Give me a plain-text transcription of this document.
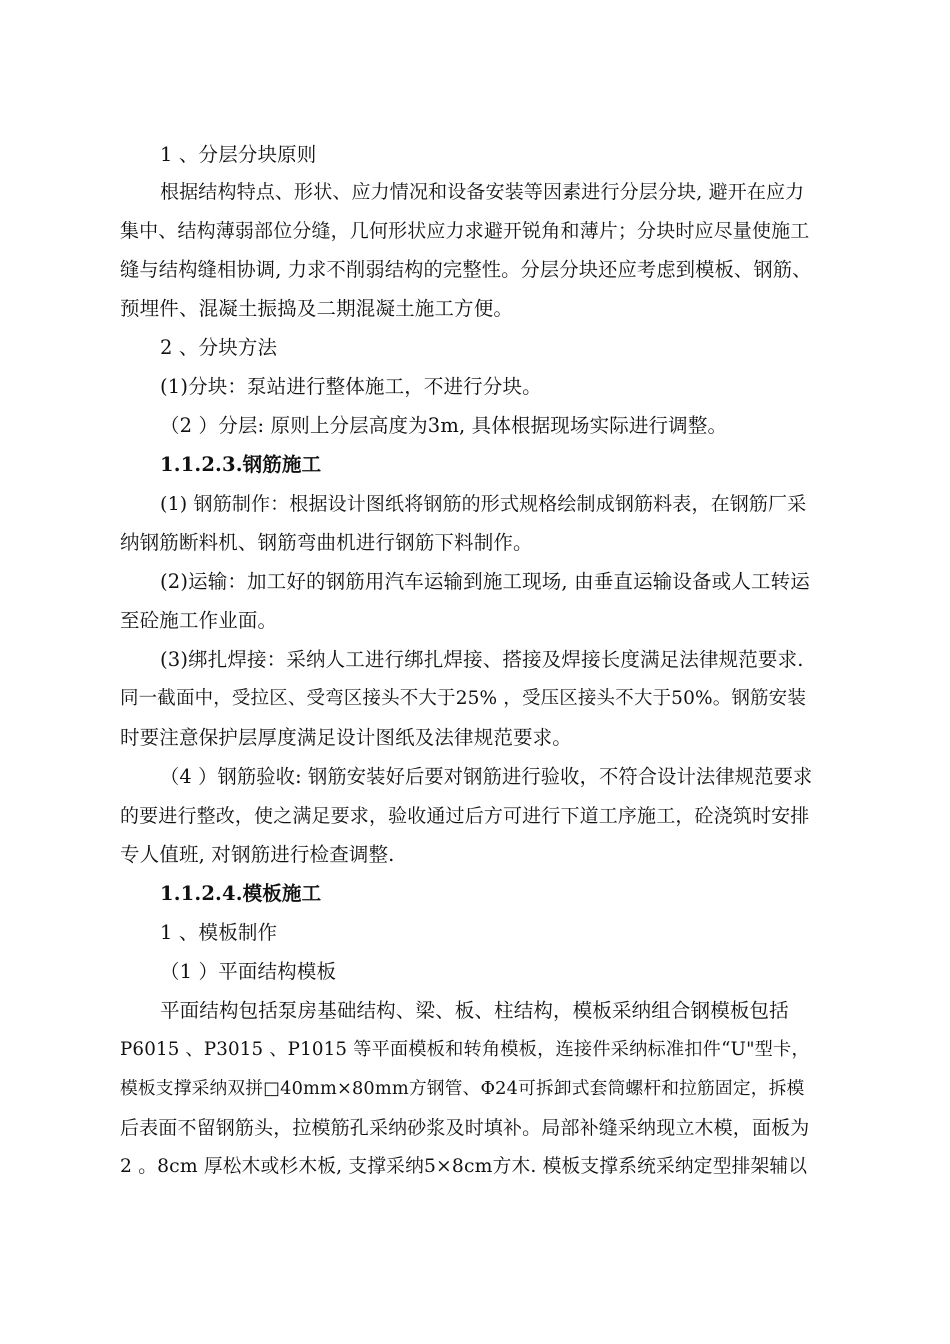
1 、分层分块原则

根据结构特点、形状、应力情况和设备安装等因素进行分层分块, 避开在应力

集中、结构薄弱部位分缝，几何形状应力求避开锐角和薄片；分块时应尽量使施工

缝与结构缝相协调, 力求不削弱结构的完整性。分层分块还应考虑到模板、钢筋、

预埋件、混凝土振捣及二期混凝土施工方便。

2 、分块方法

(1)分块：泵站进行整体施工，不进行分块。

（2 ）分层: 原则上分层高度为3m, 具体根据现场实际进行调整。

1.1.2.3.钢筋施工

(1) 钢筋制作：根据设计图纸将钢筋的形式规格绘制成钢筋料表，在钢筋厂采

纳钢筋断料机、钢筋弯曲机进行钢筋下料制作。

(2)运输：加工好的钢筋用汽车运输到施工现场, 由垂直运输设备或人工转运

至砼施工作业面。

(3)绑扎焊接：采纳人工进行绑扎焊接、搭接及焊接长度满足法律规范要求.

同一截面中，受拉区、受弯区接头不大于25% ，受压区接头不大于50%。钢筋安装

时要注意保护层厚度满足设计图纸及法律规范要求。

（4 ）钢筋验收: 钢筋安装好后要对钢筋进行验收，不符合设计法律规范要求

的要进行整改，使之满足要求，验收通过后方可进行下道工序施工，砼浇筑时安排

专人值班, 对钢筋进行检查调整.

1.1.2.4.模板施工

1 、模板制作

（1 ）平面结构模板

平面结构包括泵房基础结构、梁、板、柱结构，模板采纳组合钢模板包括

P6015 、P3015 、P1015 等平面模板和转角模板，连接件采纳标准扣件“U"型卡，

模板支撑采纳双拼□40mm×80mm方钢管、Φ24可拆卸式套筒螺杆和拉筋固定，拆模

后表面不留钢筋头，拉模筋孔采纳砂浆及时填补。局部补缝采纳现立木模，面板为

2 。8cm 厚松木或杉木板, 支撑采纳5×8cm方木. 模板支撑系统采纳定型排架辅以
